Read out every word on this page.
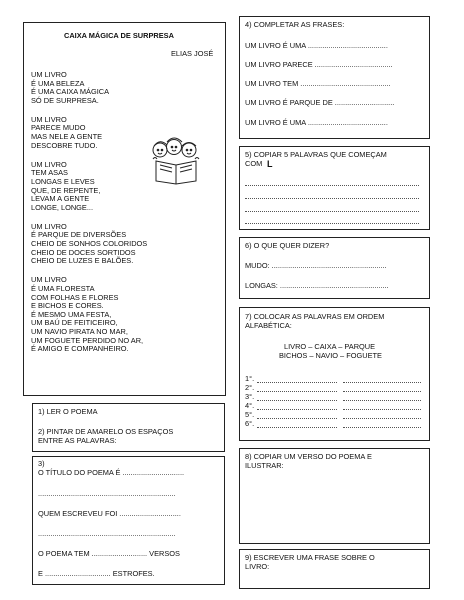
CAIXA MÁGICA DE SURPRESA
ELIAS JOSÉ
UM LIVRO
É UMA BELEZA
É UMA CAIXA MÁGICA
SÓ DE SURPRESA.
UM LIVRO
PARECE MUDO
MAS NELE A GENTE
DESCOBRE TUDO.
UM LIVRO
TEM ASAS
LONGAS E LEVES
QUE, DE REPENTE,
LEVAM A GENTE
LONGE, LONGE...
UM LIVRO
É PARQUE DE DIVERSÕES
CHEIO DE SONHOS COLORIDOS
CHEIO DE DOCES SORTIDOS
CHEIO DE LUZES E BALÕES.
UM LIVRO
É UMA FLORESTA
COM FOLHAS E FLORES
E BICHOS E CORES.
É MESMO UMA FESTA,
UM BAÚ DE FEITICEIRO,
UM NAVIO PIRATA NO MAR,
UM FOGUETE PERDIDO NO AR,
É AMIGO E COMPANHEIRO.
1) LER O POEMA
2) PINTAR DE AMARELO OS ESPAÇOS
ENTRE AS PALAVRAS:
3)
O TÍTULO DO POEMA É ..............................
...................................................................
QUEM ESCREVEU FOI ..............................
...................................................................
O POEMA TEM ........................... VERSOS
E ................................ ESTROFES.
4) COMPLETAR AS FRASES:
UM LIVRO É UMA .......................................
UM LIVRO PARECE ......................................
UM LIVRO TEM ............................................
UM LIVRO É PARQUE DE .............................
UM LIVRO É UMA .......................................
5) COPIAR 5 PALAVRAS QUE COMEÇAM
COM L
6) O QUE QUER DIZER?
MUDO: ........................................................
LONGAS: .....................................................
7) COLOCAR AS PALAVRAS EM ORDEM
ALFABÉTICA:
LIVRO – CAIXA – PARQUE
BICHOS – NAVIO – FOGUETE
1°.
2°.
3°.
4°.
5°.
6°.
8) COPIAR UM VERSO DO POEMA E
ILUSTRAR:
9) ESCREVER UMA FRASE SOBRE O
LIVRO:
